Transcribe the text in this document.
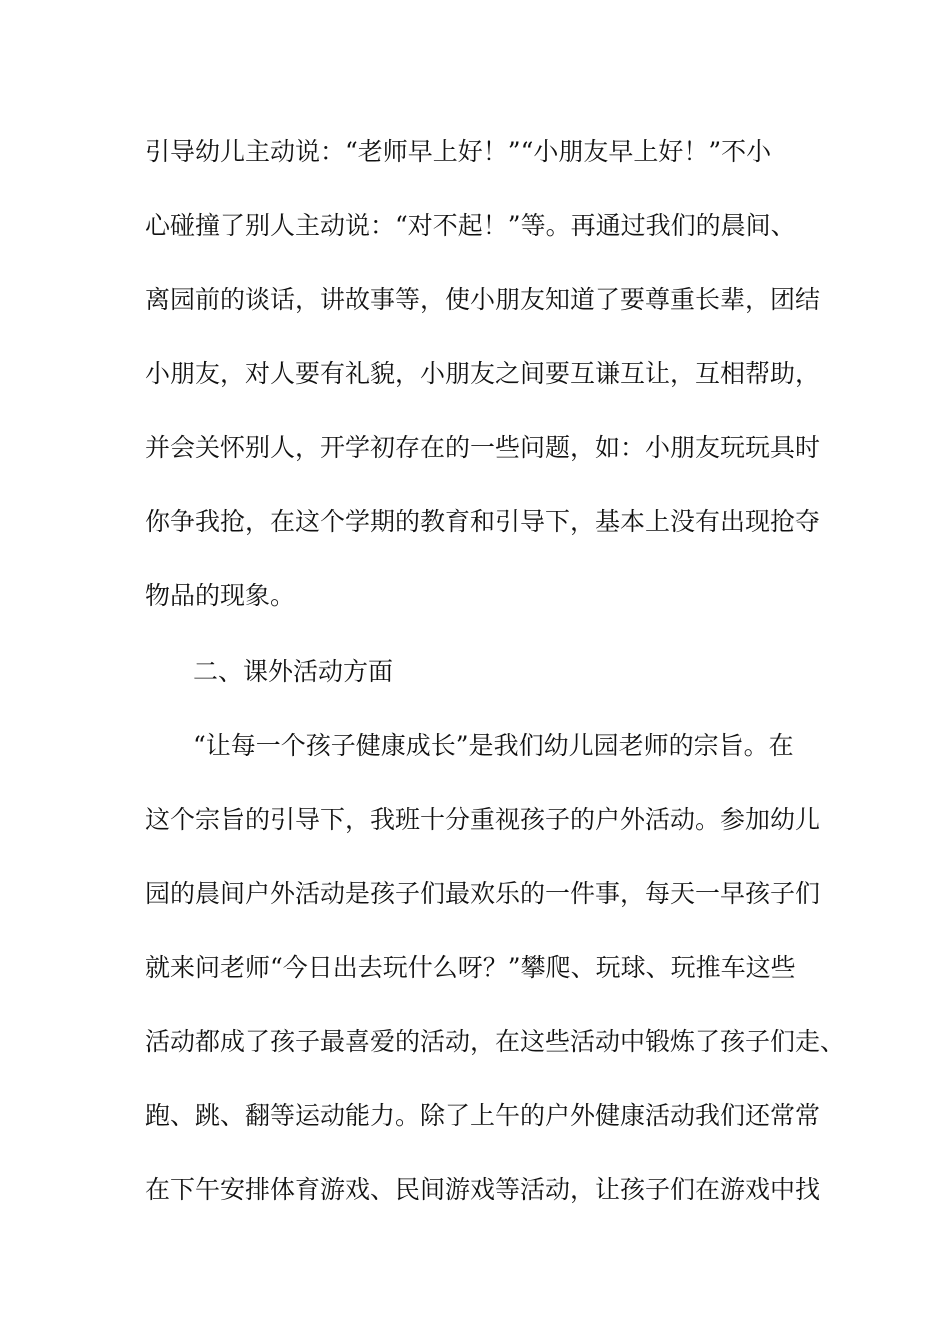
引导幼儿主动说：“老师早上好！”“小朋友早上好！”不小

心碰撞了别人主动说：“对不起！”等。再通过我们的晨间、

离园前的谈话，讲故事等，使小朋友知道了要尊重长辈，团结

小朋友，对人要有礼貌，小朋友之间要互谦互让，互相帮助，

并会关怀别人，开学初存在的一些问题，如：小朋友玩玩具时

你争我抢，在这个学期的教育和引导下，基本上没有出现抢夺

物品的现象。

二、课外活动方面

“让每一个孩子健康成长”是我们幼儿园老师的宗旨。在

这个宗旨的引导下，我班十分重视孩子的户外活动。参加幼儿

园的晨间户外活动是孩子们最欢乐的一件事，每天一早孩子们

就来问老师“今日出去玩什么呀？”攀爬、玩球、玩推车这些

活动都成了孩子最喜爱的活动，在这些活动中锻炼了孩子们走、

跑、跳、翻等运动能力。除了上午的户外健康活动我们还常常

在下午安排体育游戏、民间游戏等活动，让孩子们在游戏中找
